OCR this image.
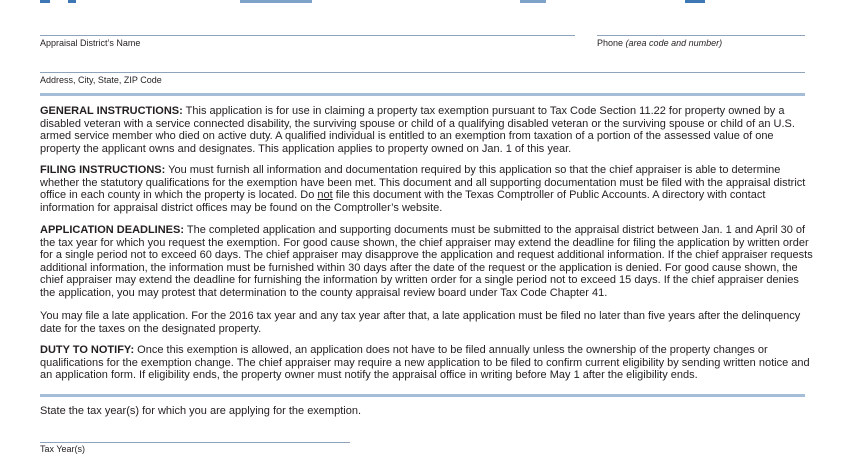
Appraisal District’s Name	Phone (area code and number)
Address, City, State, ZIP Code

GENERAL INSTRUCTIONS: This application is for use in claiming a property tax exemption pursuant to Tax Code Section 11.22 for property owned by a disabled veteran with a service connected disability, the surviving spouse or child of a qualifying disabled veteran or the surviving spouse or child of an U.S. armed service member who died on active duty. A qualified individual is entitled to an exemption from taxation of a portion of the assessed value of one property the applicant owns and designates. This application applies to property owned on Jan. 1 of this year.

FILING INSTRUCTIONS: You must furnish all information and documentation required by this application so that the chief appraiser is able to determine whether the statutory qualifications for the exemption have been met. This document and all supporting documentation must be filed with the appraisal district office in each county in which the property is located. Do not file this document with the Texas Comptroller of Public Accounts. A directory with contact information for appraisal district offices may be found on the Comptroller’s website.

APPLICATION DEADLINES: The completed application and supporting documents must be submitted to the appraisal district between Jan. 1 and April 30 of the tax year for which you request the exemption. For good cause shown, the chief appraiser may extend the deadline for filing the application by written order for a single period not to exceed 60 days. The chief appraiser may disapprove the application and request additional information. If the chief appraiser requests additional information, the information must be furnished within 30 days after the date of the request or the application is denied. For good cause shown, the chief appraiser may extend the deadline for furnishing the information by written order for a single period not to exceed 15 days. If the chief appraiser denies the application, you may protest that determination to the county appraisal review board under Tax Code Chapter 41.

You may file a late application. For the 2016 tax year and any tax year after that, a late application must be filed no later than five years after the delinquency date for the taxes on the designated property.

DUTY TO NOTIFY: Once this exemption is allowed, an application does not have to be filed annually unless the ownership of the property changes or qualifications for the exemption change. The chief appraiser may require a new application to be filed to confirm current eligibility by sending written notice and an application form. If eligibility ends, the property owner must notify the appraisal office in writing before May 1 after the eligibility ends.

State the tax year(s) for which you are applying for the exemption.
Tax Year(s)
